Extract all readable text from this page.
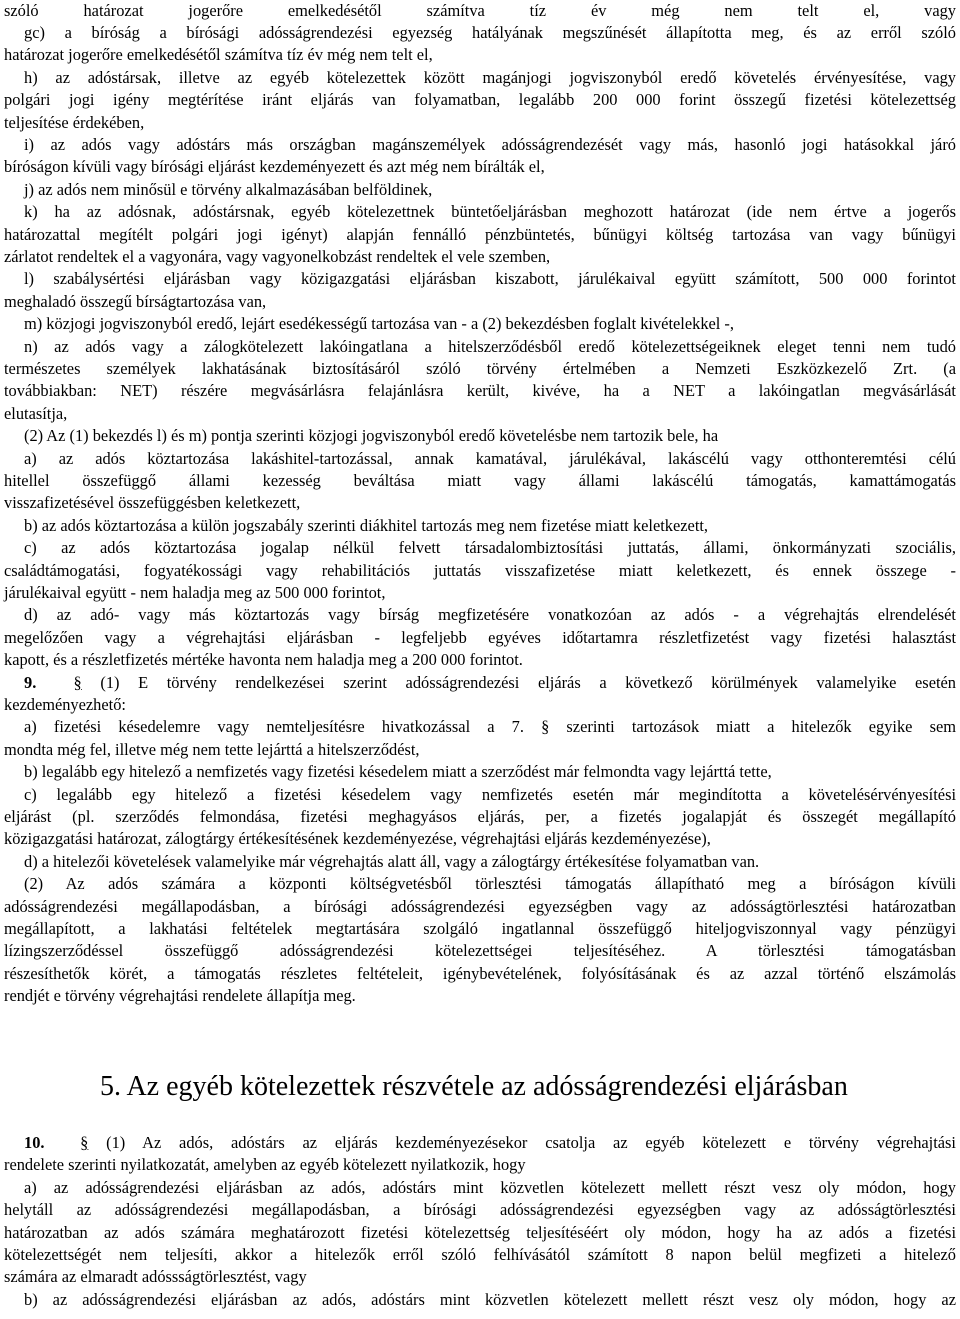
szóló határozat jogerőre emelkedésétől számítva tíz év még nem telt el, vagy
gc) a bíróság a bírósági adósságrendezési egyezség hatályának megszűnését állapította meg, és az erről szóló
határozat jogerőre emelkedésétől számítva tíz év még nem telt el,
h) az adóstársak, illetve az egyéb kötelezettek között magánjogi jogviszonyból eredő követelés érvényesítése, vagy
polgári jogi igény megtérítése iránt eljárás van folyamatban, legalább 200 000 forint összegű fizetési kötelezettség
teljesítése érdekében,
i) az adós vagy adóstárs más országban magánszemélyek adósságrendezését vagy más, hasonló jogi hatásokkal járó
bíróságon kívüli vagy bírósági eljárást kezdeményezett és azt még nem bírálták el,
j) az adós nem minősül e törvény alkalmazásában belföldinek,
k) ha az adósnak, adóstársnak, egyéb kötelezettnek büntetőeljárásban meghozott határozat (ide nem értve a jogerős
határozattal megítélt polgári jogi igényt) alapján fennálló pénzbüntetés, bűnügyi költség tartozása van vagy bűnügyi
zárlatot rendeltek el a vagyonára, vagy vagyonelkobzást rendeltek el vele szemben,
l) szabálysértési eljárásban vagy közigazgatási eljárásban kiszabott, járulékaival együtt számított, 500 000 forintot
meghaladó összegű bírságtartozása van,
m) közjogi jogviszonyból eredő, lejárt esedékességű tartozása van - a (2) bekezdésben foglalt kivételekkel -,
n) az adós vagy a zálogkötelezett lakóingatlana a hitelszerződésből eredő kötelezettségeiknek eleget tenni nem tudó
természetes személyek lakhatásának biztosításáról szóló törvény értelmében a Nemzeti Eszközkezelő Zrt. (a
továbbiakban: NET) részére megvásárlásra felajánlásra került, kivéve, ha a NET a lakóingatlan megvásárlását
elutasítja,
(2) Az (1) bekezdés l) és m) pontja szerinti közjogi jogviszonyból eredő követelésbe nem tartozik bele, ha
a) az adós köztartozása lakáshitel-tartozással, annak kamatával, járulékával, lakáscélú vagy otthonteremtési célú
hitellel összefüggő állami kezesség beváltása miatt vagy állami lakáscélú támogatás, kamattámogatás
visszafizetésével összefüggésben keletkezett,
b) az adós köztartozása a külön jogszabály szerinti diákhitel tartozás meg nem fizetése miatt keletkezett,
c) az adós köztartozása jogalap nélkül felvett társadalombiztosítási juttatás, állami, önkormányzati szociális,
családtámogatási, fogyatékossági vagy rehabilitációs juttatás visszafizetése miatt keletkezett, és ennek összege -
járulékaival együtt - nem haladja meg az 500 000 forintot,
d) az adó- vagy más köztartozás vagy bírság megfizetésére vonatkozóan az adós - a végrehajtás elrendelését
megelőzően vagy a végrehajtási eljárásban - legfeljebb egyéves időtartamra részletfizetést vagy fizetési halasztást
kapott, és a részletfizetés mértéke havonta nem haladja meg a 200 000 forintot.
9. § (1) E törvény rendelkezései szerint adósságrendezési eljárás a következő körülmények valamelyike esetén
kezdeményezhető:
a) fizetési késedelemre vagy nemteljesítésre hivatkozással a 7. § szerinti tartozások miatt a hitelezők egyike sem
mondta még fel, illetve még nem tette lejárttá a hitelszerződést,
b) legalább egy hitelező a nemfizetés vagy fizetési késedelem miatt a szerződést már felmondta vagy lejárttá tette,
c) legalább egy hitelező a fizetési késedelem vagy nemfizetés esetén már megindította a követelésérvényesítési
eljárást (pl. szerződés felmondása, fizetési meghagyásos eljárás, per, a fizetés jogalapját és összegét megállapító
közigazgatási határozat, zálogtárgy értékesítésének kezdeményezése, végrehajtási eljárás kezdeményezése),
d) a hitelezői követelések valamelyike már végrehajtás alatt áll, vagy a zálogtárgy értékesítése folyamatban van.
(2) Az adós számára a központi költségvetésből törlesztési támogatás állapítható meg a bíróságon kívüli
adósságrendezési megállapodásban, a bírósági adósságrendezési egyezségben vagy az adósságtörlesztési határozatban
megállapított, a lakhatási feltételek megtartására szolgáló ingatlannal összefüggő hiteljogviszonnyal vagy pénzügyi
lízingszerződéssel összefüggő adósságrendezési kötelezettségei teljesítéséhez. A törlesztési támogatásban
részesíthetők körét, a támogatás részletes feltételeit, igénybevételének, folyósításának és az azzal történő elszámolás
rendjét e törvény végrehajtási rendelete állapítja meg.
5. Az egyéb kötelezettek részvétele az adósságrendezési eljárásban
10. § (1) Az adós, adóstárs az eljárás kezdeményezésekor csatolja az egyéb kötelezett e törvény végrehajtási
rendelete szerinti nyilatkozatát, amelyben az egyéb kötelezett nyilatkozik, hogy
a) az adósságrendezési eljárásban az adós, adóstárs mint közvetlen kötelezett mellett részt vesz oly módon, hogy
helytáll az adósságrendezési megállapodásban, a bírósági adósságrendezési egyezségben vagy az adósságtörlesztési
határozatban az adós számára meghatározott fizetési kötelezettség teljesítéséért oly módon, hogy ha az adós a fizetési
kötelezettségét nem teljesíti, akkor a hitelezők erről szóló felhívásától számított 8 napon belül megfizeti a hitelező
számára az elmaradt adóssságtörlesztést, vagy
b) az adósságrendezési eljárásban az adós, adóstárs mint közvetlen kötelezett mellett részt vesz oly módon, hogy az
